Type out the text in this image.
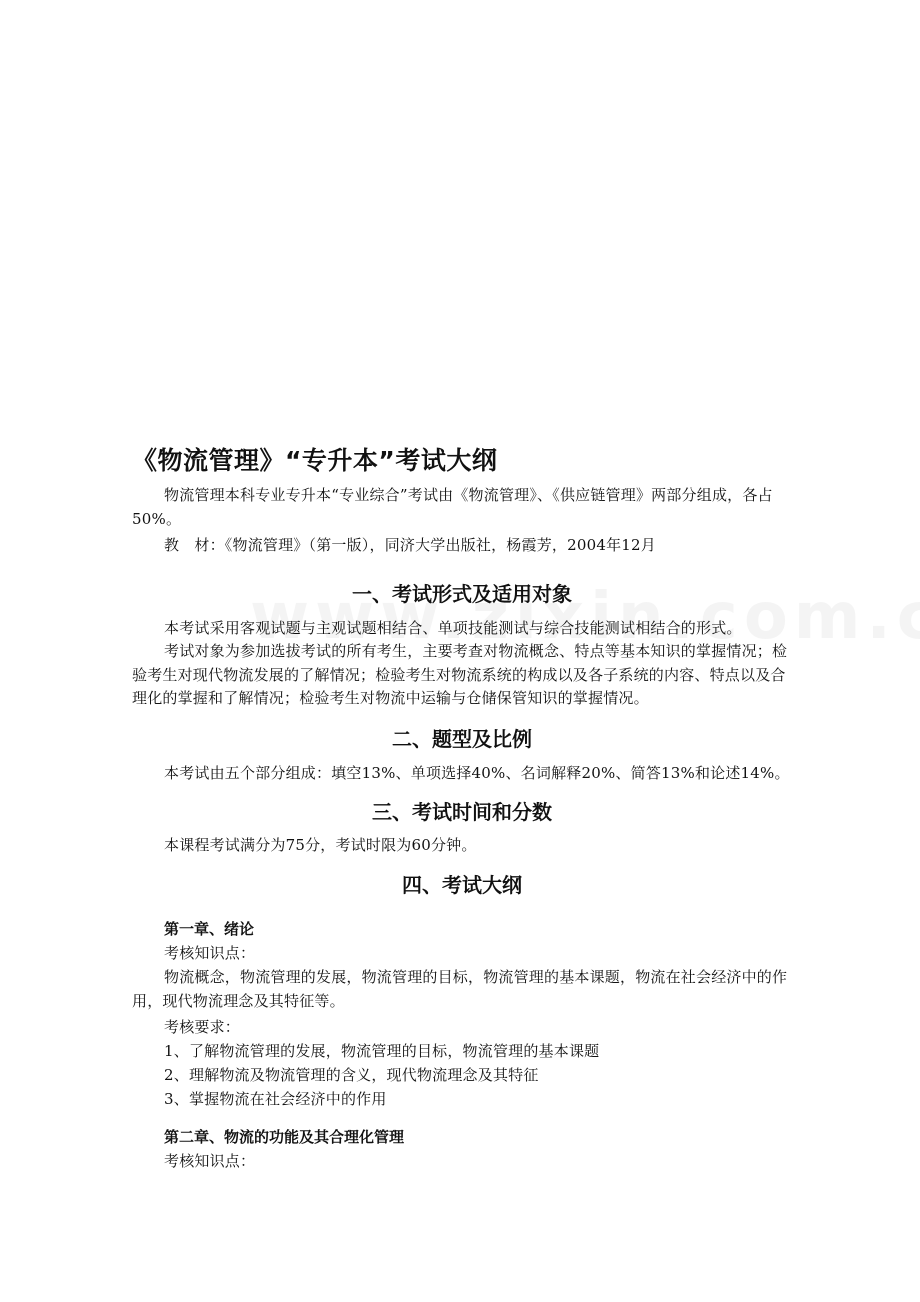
《物流管理》“专升本”考试大纲

物流管理本科专业专升本“专业综合”考试由《物流管理》、《供应链管理》两部分组成，各占50%。

教　材：《物流管理》（第一版），同济大学出版社，杨霞芳，2004年12月

一、考试形式及适用对象

本考试采用客观试题与主观试题相结合、单项技能测试与综合技能测试相结合的形式。

考试对象为参加选拔考试的所有考生，主要考查对物流概念、特点等基本知识的掌握情况；检验考生对现代物流发展的了解情况；检验考生对物流系统的构成以及各子系统的内容、特点以及合理化的掌握和了解情况；检验考生对物流中运输与仓储保管知识的掌握情况。

二、题型及比例

本考试由五个部分组成：填空13%、单项选择40%、名词解释20%、简答13%和论述14%。

三、考试时间和分数

本课程考试满分为75分，考试时限为60分钟。

四、考试大纲
第一章、绪论

考核知识点：

物流概念，物流管理的发展，物流管理的目标，物流管理的基本课题，物流在社会经济中的作用，现代物流理念及其特征等。

考核要求：

1、了解物流管理的发展，物流管理的目标，物流管理的基本课题

2、理解物流及物流管理的含义，现代物流理念及其特征

3、掌握物流在社会经济中的作用

第二章、物流的功能及其合理化管理

考核知识点：
